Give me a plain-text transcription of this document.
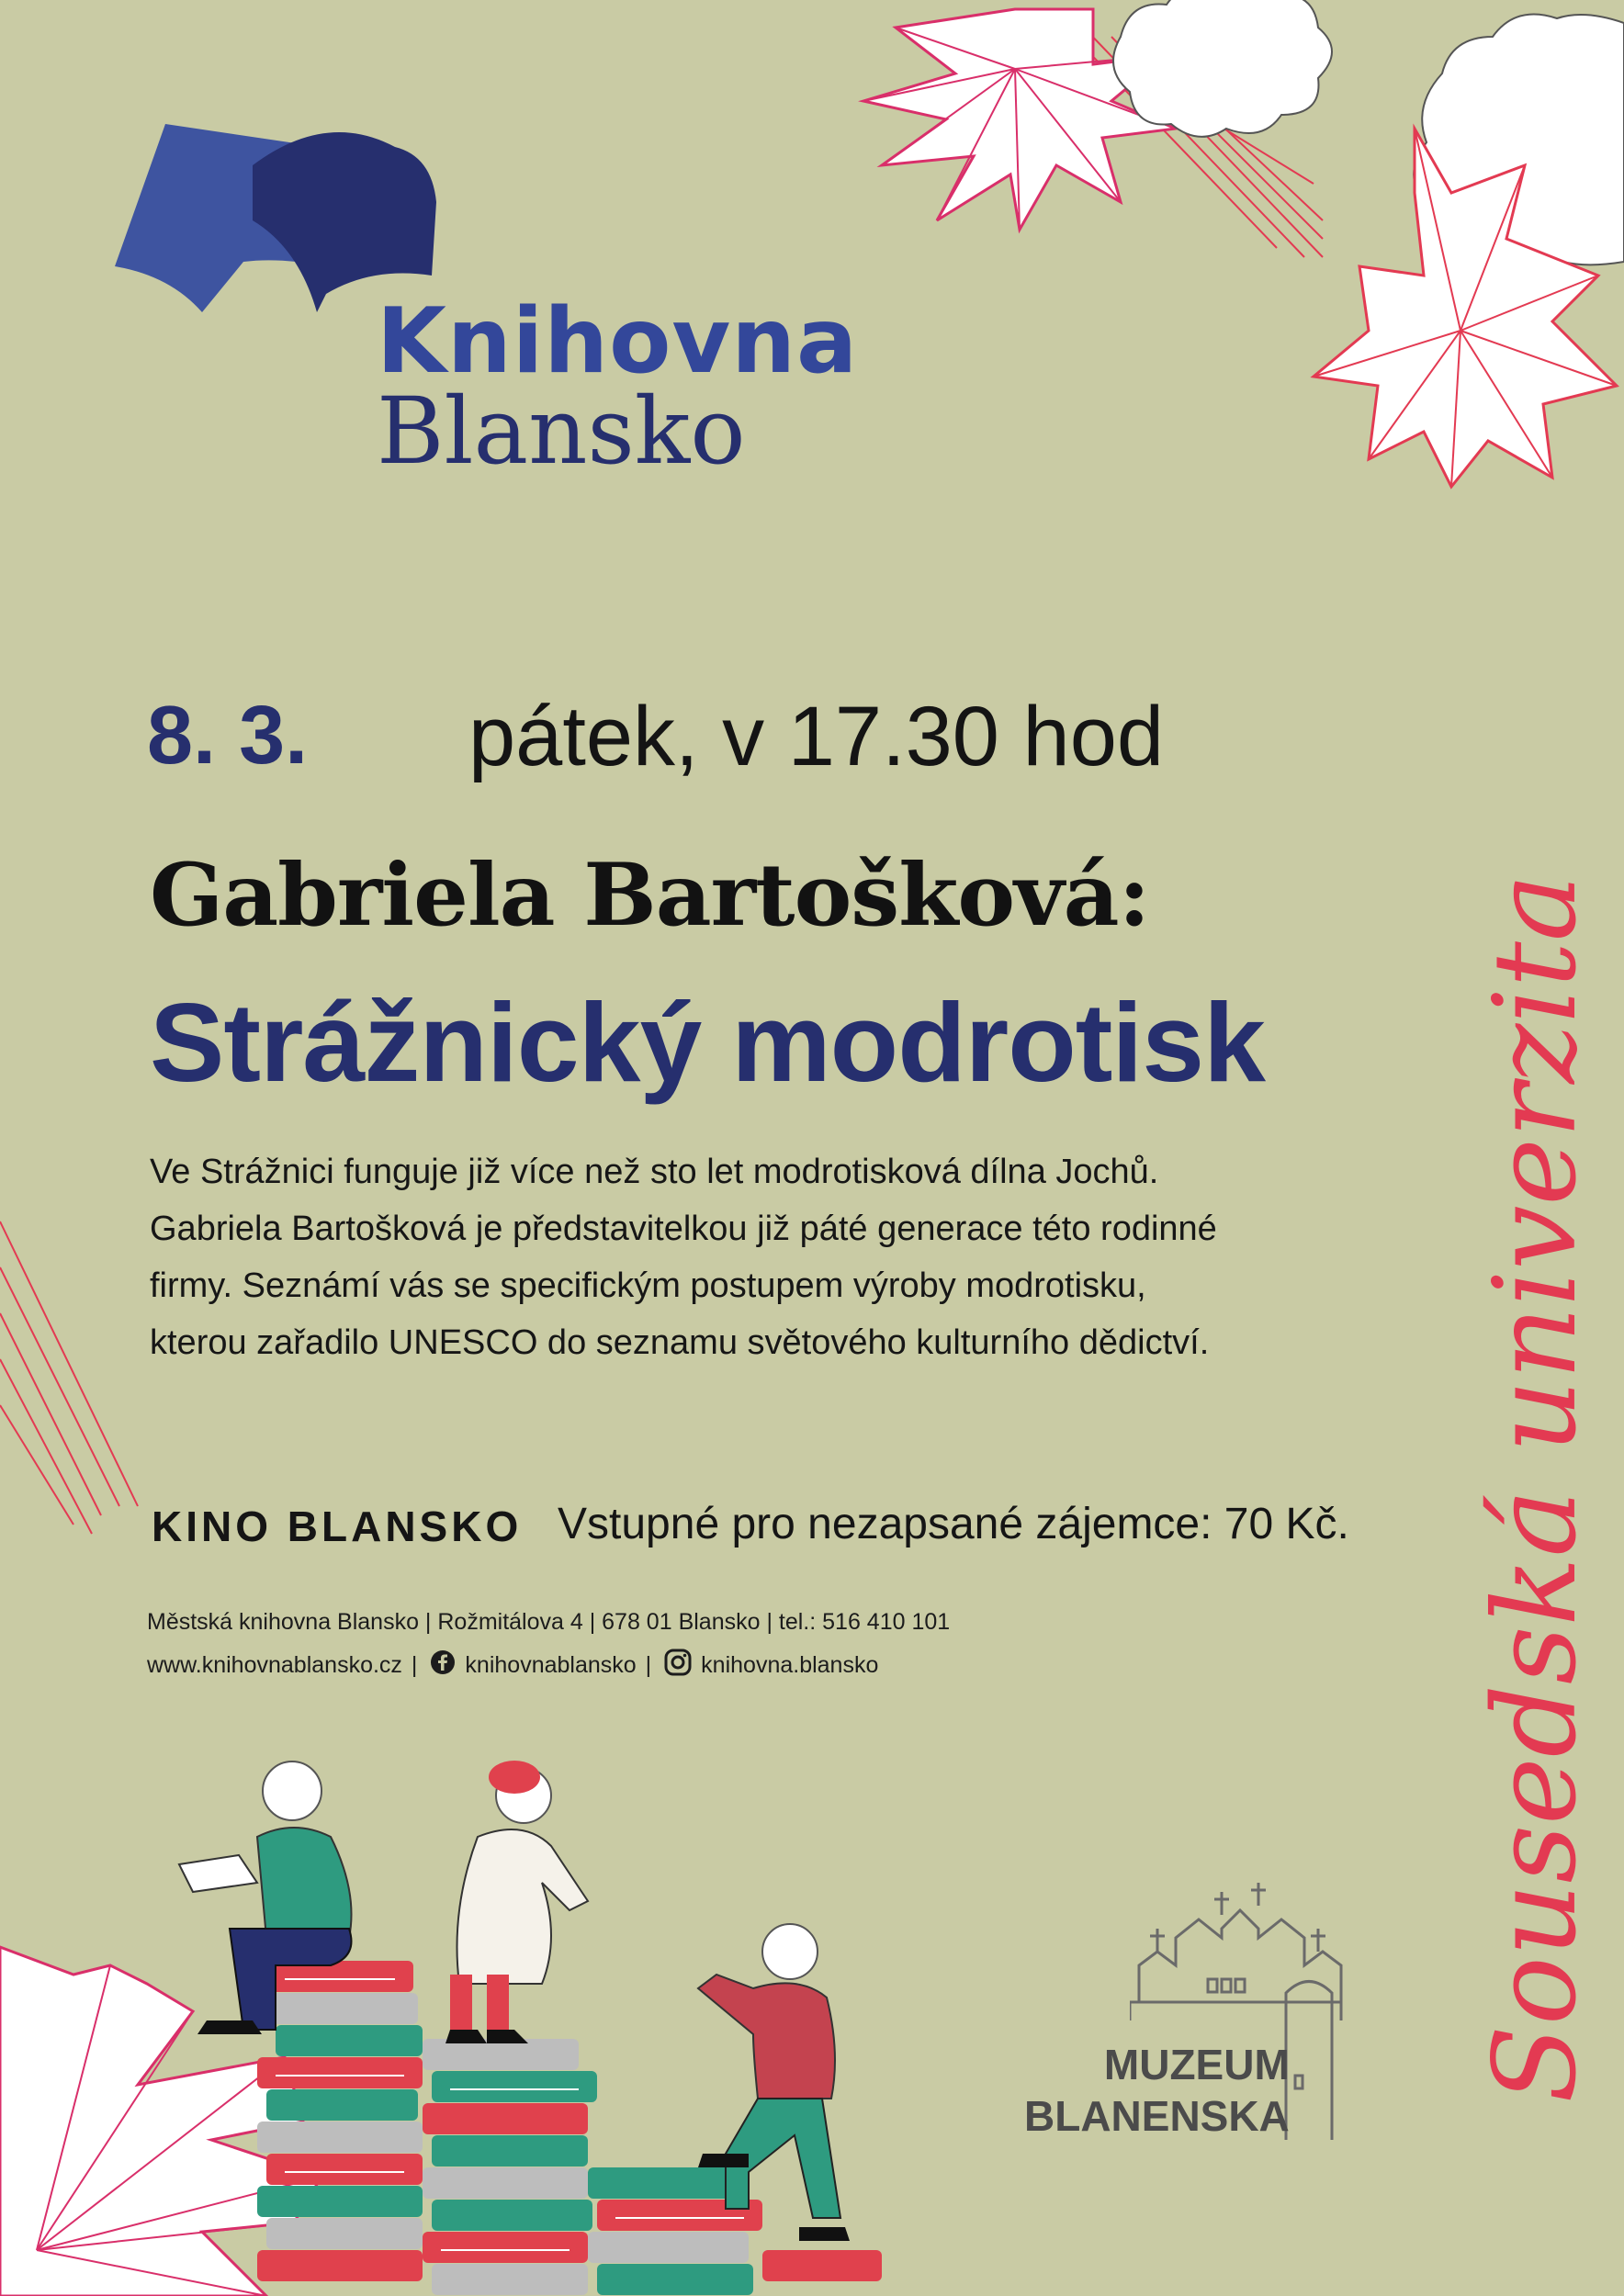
Knihovna
Blansko
8. 3. pátek, v 17.30 hod
Gabriela Bartošková:
Strážnický modrotisk
Ve Strážnici funguje již více než sto let modrotisková dílna Jochů.
Gabriela Bartošková je představitelkou již páté generace této rodinné
firmy. Seznámí vás se specifickým postupem výroby modrotisku,
kterou zařadilo UNESCO do seznamu světového kulturního dědictví.
KINO BLANSKO Vstupné pro nezapsané zájemce: 70 Kč.
Městská knihovna Blansko | Rožmitálova 4 | 678 01 Blansko | tel.: 516 410 101
www.knihovnablansko.cz | knihovnablansko | knihovna.blansko	Sousedská univerzita
MUZEUM
BLANENSKA
